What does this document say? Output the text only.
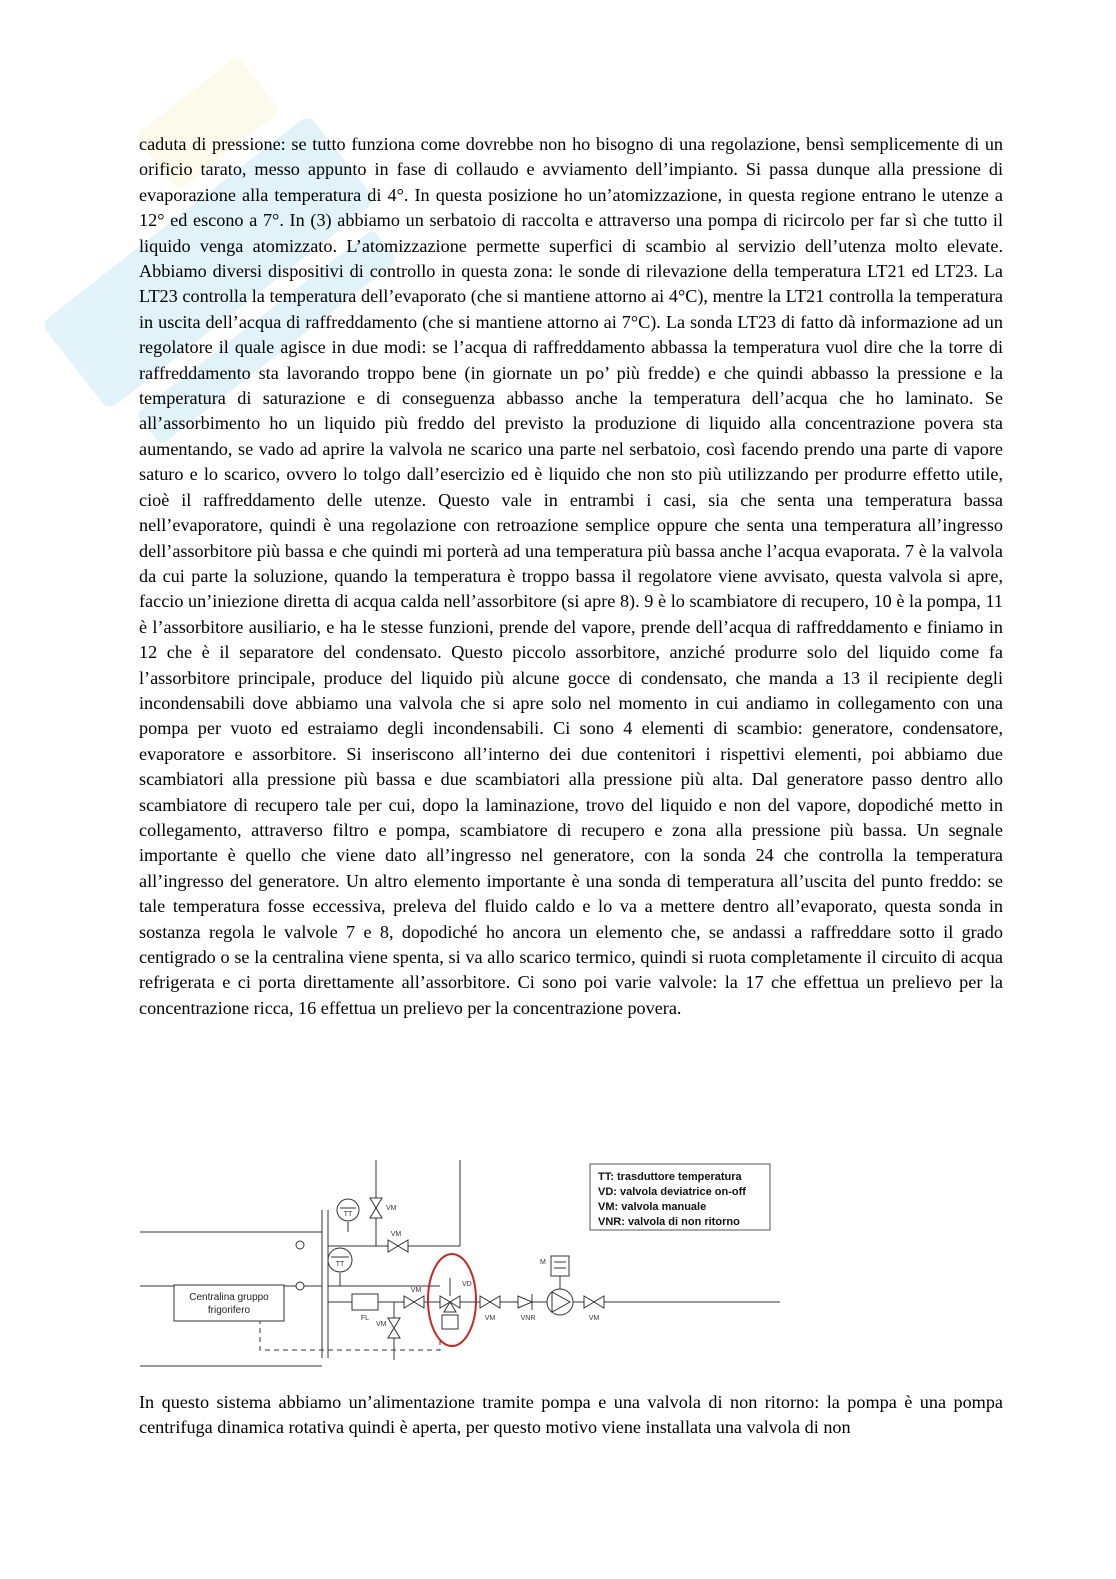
caduta di pressione: se tutto funziona come dovrebbe non ho bisogno di una regolazione, bensì semplicemente di un orificio tarato, messo appunto in fase di collaudo e avviamento dell’impianto. Si passa dunque alla pressione di evaporazione alla temperatura di 4°. In questa posizione ho un’atomizzazione, in questa regione entrano le utenze a 12° ed escono a 7°. In (3) abbiamo un serbatoio di raccolta e attraverso una pompa di ricircolo per far sì che tutto il liquido venga atomizzato. L’atomizzazione permette superfici di scambio al servizio dell’utenza molto elevate. Abbiamo diversi dispositivi di controllo in questa zona: le sonde di rilevazione della temperatura LT21 ed LT23. La LT23 controlla la temperatura dell’evaporato (che si mantiene attorno ai 4°C), mentre la LT21 controlla la temperatura in uscita dell’acqua di raffreddamento (che si mantiene attorno ai 7°C). La sonda LT23 di fatto dà informazione ad un regolatore il quale agisce in due modi: se l’acqua di raffreddamento abbassa la temperatura vuol dire che la torre di raffreddamento sta lavorando troppo bene (in giornate un po’ più fredde) e che quindi abbasso la pressione e la temperatura di saturazione e di conseguenza abbasso anche la temperatura dell’acqua che ho laminato. Se all’assorbimento ho un liquido più freddo del previsto la produzione di liquido alla concentrazione povera sta aumentando, se vado ad aprire la valvola ne scarico una parte nel serbatoio, così facendo prendo una parte di vapore saturo e lo scarico, ovvero lo tolgo dall’esercizio ed è liquido che non sto più utilizzando per produrre effetto utile, cioè il raffreddamento delle utenze. Questo vale in entrambi i casi, sia che senta una temperatura bassa nell’evaporatore, quindi è una regolazione con retroazione semplice oppure che senta una temperatura all’ingresso dell’assorbitore più bassa e che quindi mi porterà ad una temperatura più bassa anche l’acqua evaporata. 7 è la valvola da cui parte la soluzione, quando la temperatura è troppo bassa il regolatore viene avvisato, questa valvola si apre, faccio un’iniezione diretta di acqua calda nell’assorbitore (si apre 8). 9 è lo scambiatore di recupero, 10 è la pompa, 11 è l’assorbitore ausiliario, e ha le stesse funzioni, prende del vapore, prende dell’acqua di raffreddamento e finiamo in 12 che è il separatore del condensato. Questo piccolo assorbitore, anziché produrre solo del liquido come fa l’assorbitore principale, produce del liquido più alcune gocce di condensato, che manda a 13 il recipiente degli incondensabili dove abbiamo una valvola che si apre solo nel momento in cui andiamo in collegamento con una pompa per vuoto ed estraiamo degli incondensabili. Ci sono 4 elementi di scambio: generatore, condensatore, evaporatore e assorbitore. Si inseriscono all’interno dei due contenitori i rispettivi elementi, poi abbiamo due scambiatori alla pressione più bassa e due scambiatori alla pressione più alta. Dal generatore passo dentro allo scambiatore di recupero tale per cui, dopo la laminazione, trovo del liquido e non del vapore, dopodiché metto in collegamento, attraverso filtro e pompa, scambiatore di recupero e zona alla pressione più bassa. Un segnale importante è quello che viene dato all’ingresso nel generatore, con la sonda 24 che controlla la temperatura all’ingresso del generatore. Un altro elemento importante è una sonda di temperatura all’uscita del punto freddo: se tale temperatura fosse eccessiva, preleva del fluido caldo e lo va a mettere dentro all’evaporato, questa sonda in sostanza regola le valvole 7 e 8, dopodiché ho ancora un elemento che, se andassi a raffreddare sotto il grado centigrado o se la centralina viene spenta, si va allo scarico termico, quindi si ruota completamente il circuito di acqua refrigerata e ci porta direttamente all’assorbitore. Ci sono poi varie valvole: la 17 che effettua un prelievo per la concentrazione ricca, 16 effettua un prelievo per la concentrazione povera.

Centralina gruppo
frigorifero
TT
TT
VM
VM
FL
VM
VM
VD
VM	VNR
M
VM
TT: trasduttore temperatura
VD: valvola deviatrice on-off
VM: valvola manuale
VNR: valvola di non ritorno

In questo sistema abbiamo un’alimentazione tramite pompa e una valvola di non ritorno: la pompa è una pompa centrifuga dinamica rotativa quindi è aperta, per questo motivo viene installata una valvola di non
